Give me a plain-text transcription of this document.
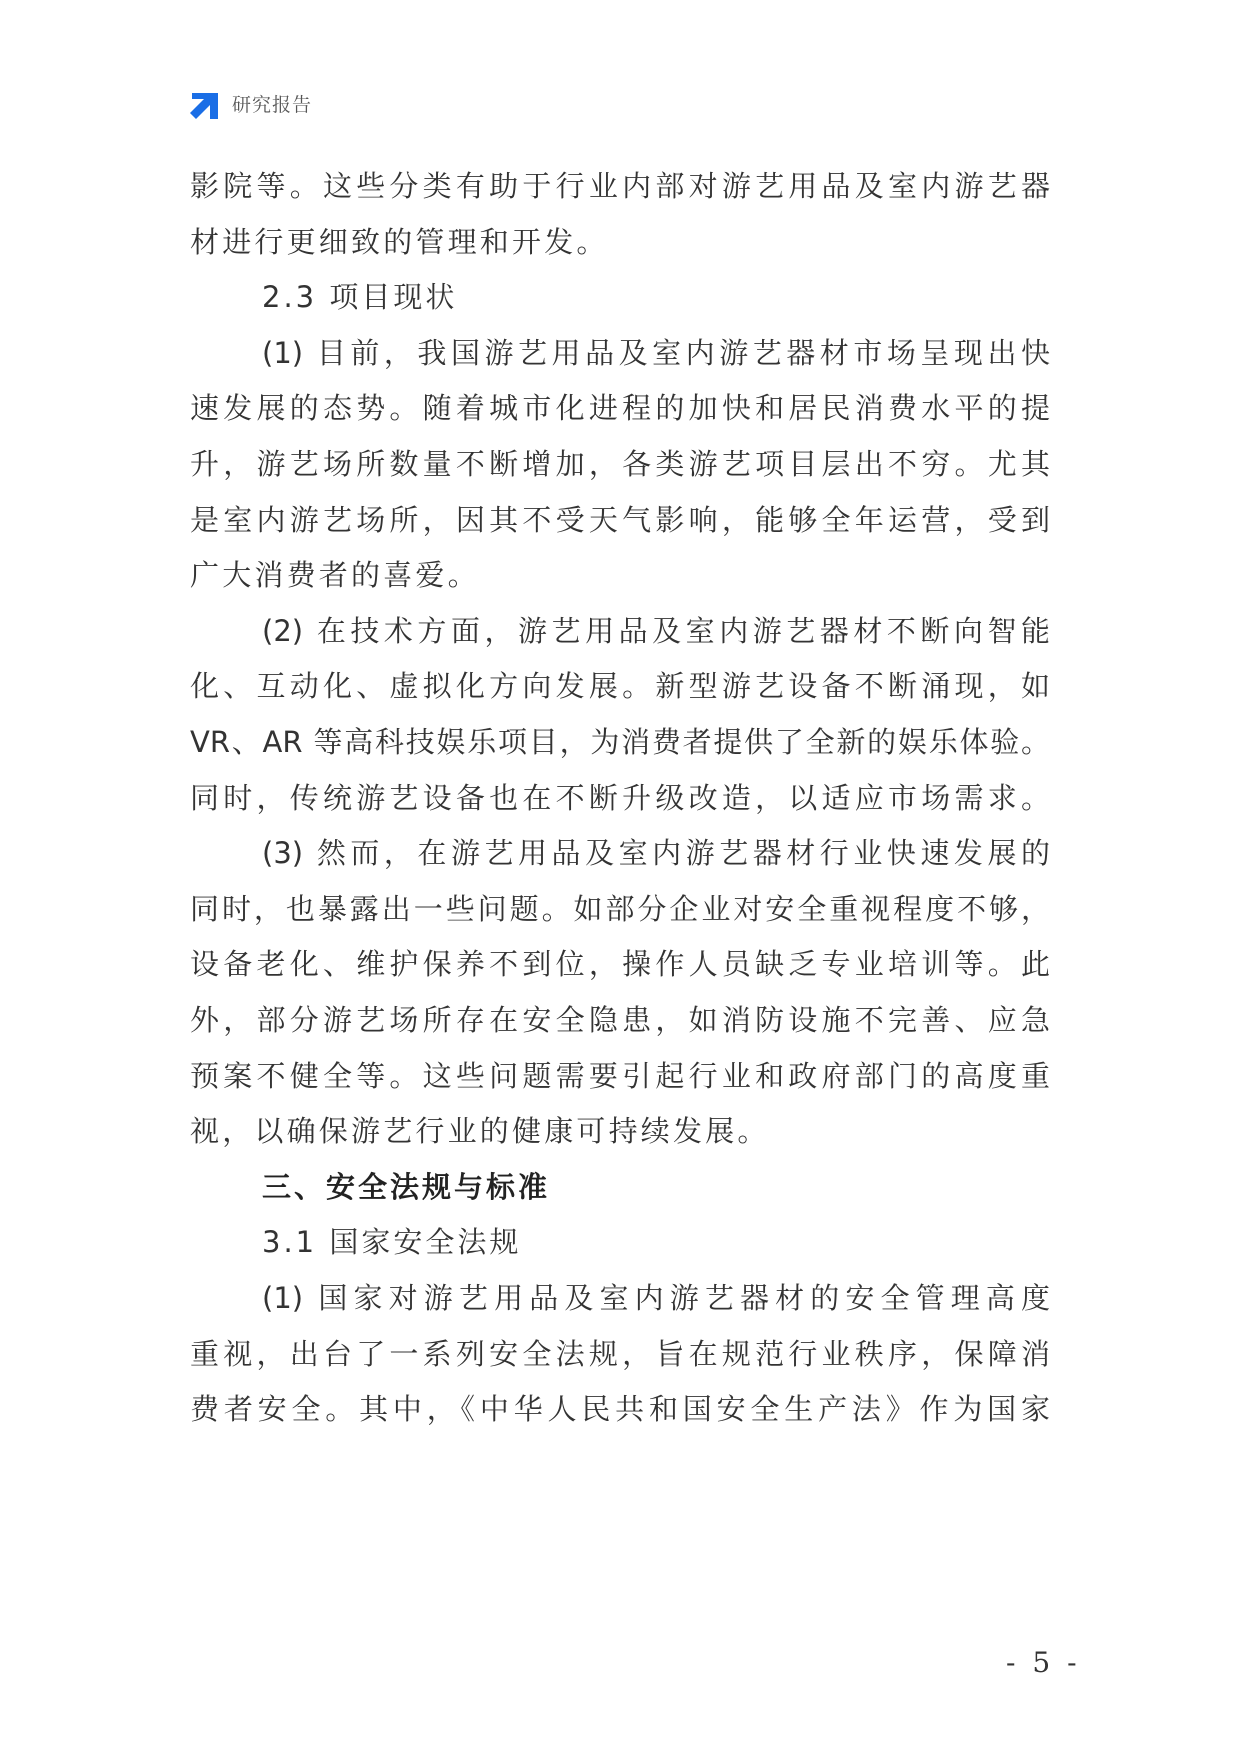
研究报告
影院等。这些分类有助于行业内部对游艺用品及室内游艺器
材进行更细致的管理和开发。
2.3 项目现状
(1) 目前，我国游艺用品及室内游艺器材市场呈现出快
速发展的态势。随着城市化进程的加快和居民消费水平的提
升，游艺场所数量不断增加，各类游艺项目层出不穷。尤其
是室内游艺场所，因其不受天气影响，能够全年运营，受到
广大消费者的喜爱。
(2) 在技术方面，游艺用品及室内游艺器材不断向智能
化、互动化、虚拟化方向发展。新型游艺设备不断涌现，如
VR、AR 等高科技娱乐项目，为消费者提供了全新的娱乐体验。
同时，传统游艺设备也在不断升级改造，以适应市场需求。
(3) 然而，在游艺用品及室内游艺器材行业快速发展的
同时，也暴露出一些问题。如部分企业对安全重视程度不够，
设备老化、维护保养不到位，操作人员缺乏专业培训等。此
外，部分游艺场所存在安全隐患，如消防设施不完善、应急
预案不健全等。这些问题需要引起行业和政府部门的高度重
视，以确保游艺行业的健康可持续发展。
三、安全法规与标准
3.1 国家安全法规
(1) 国家对游艺用品及室内游艺器材的安全管理高度
重视，出台了一系列安全法规，旨在规范行业秩序，保障消
费者安全。其中，《中华人民共和国安全生产法》作为国家
- 5 -
